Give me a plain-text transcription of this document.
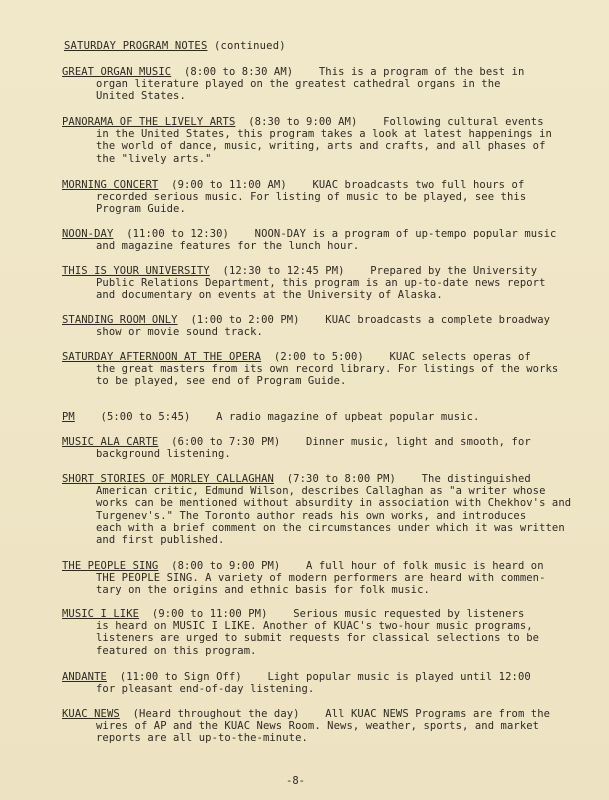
SATURDAY PROGRAM NOTES (continued)
GREAT ORGAN MUSIC (8:00 to 8:30 AM) This is a program of the best in
organ literature played on the greatest cathedral organs in the
United States.
PANORAMA OF THE LIVELY ARTS (8:30 to 9:00 AM) Following cultural events
in the United States, this program takes a look at latest happenings in
the world of dance, music, writing, arts and crafts, and all phases of
the "lively arts."
MORNING CONCERT (9:00 to 11:00 AM) KUAC broadcasts two full hours of
recorded serious music. For listing of music to be played, see this
Program Guide.
NOON-DAY (11:00 to 12:30) NOON-DAY is a program of up-tempo popular music
and magazine features for the lunch hour.
THIS IS YOUR UNIVERSITY (12:30 to 12:45 PM) Prepared by the University
Public Relations Department, this program is an up-to-date news report
and documentary on events at the University of Alaska.
STANDING ROOM ONLY (1:00 to 2:00 PM) KUAC broadcasts a complete broadway
show or movie sound track.
SATURDAY AFTERNOON AT THE OPERA (2:00 to 5:00) KUAC selects operas of
the great masters from its own record library. For listings of the works
to be played, see end of Program Guide.
PM (5:00 to 5:45) A radio magazine of upbeat popular music.
MUSIC ALA CARTE (6:00 to 7:30 PM) Dinner music, light and smooth, for
background listening.
SHORT STORIES OF MORLEY CALLAGHAN (7:30 to 8:00 PM) The distinguished
American critic, Edmund Wilson, describes Callaghan as "a writer whose
works can be mentioned without absurdity in association with Chekhov's and
Turgenev's." The Toronto author reads his own works, and introduces
each with a brief comment on the circumstances under which it was written
and first published.
THE PEOPLE SING (8:00 to 9:00 PM) A full hour of folk music is heard on
THE PEOPLE SING. A variety of modern performers are heard with commen-
tary on the origins and ethnic basis for folk music.
MUSIC I LIKE (9:00 to 11:00 PM) Serious music requested by listeners
is heard on MUSIC I LIKE. Another of KUAC's two-hour music programs,
listeners are urged to submit requests for classical selections to be
featured on this program.
ANDANTE (11:00 to Sign Off) Light popular music is played until 12:00
for pleasant end-of-day listening.
KUAC NEWS (Heard throughout the day) All KUAC NEWS Programs are from the
wires of AP and the KUAC News Room. News, weather, sports, and market
reports are all up-to-the-minute.
-8-
